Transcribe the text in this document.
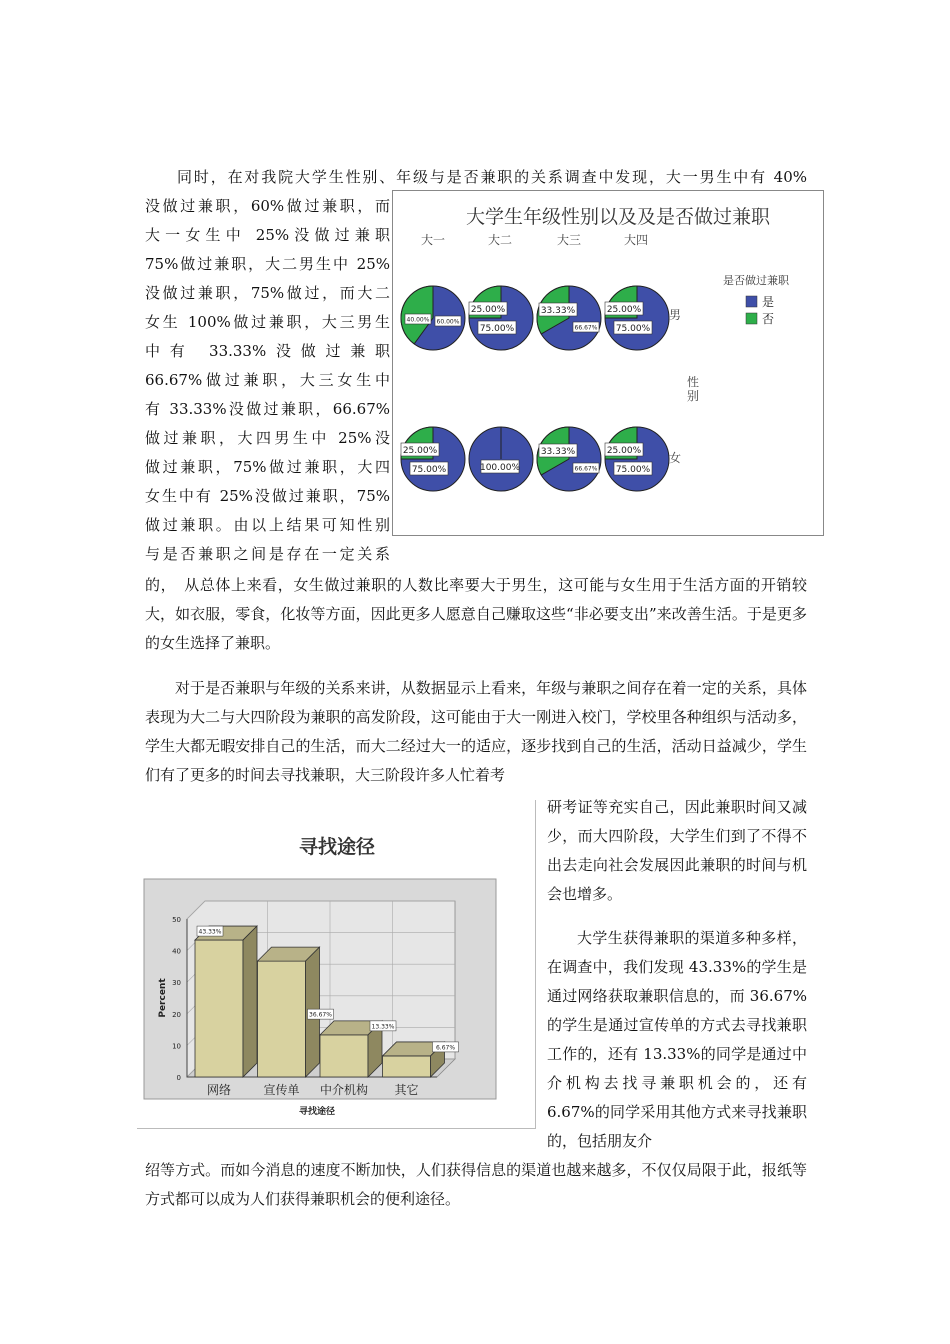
同时，在对我院大学生性别、年级与是否兼职的关系调查中发现，大一男生中有 40%
没做过兼职，60%做过兼职，而
大一女生中 25%没做过兼职
75%做过兼职，大二男生中 25%
没做过兼职，75%做过，而大二
女生 100%做过兼职，大三男生
中有 33.33%没做过兼职
66.67%做过兼职，大三女生中
有 33.33%没做过兼职，66.67%
做过兼职，大四男生中 25%没
做过兼职，75%做过兼职，大四
女生中有 25%没做过兼职，75%
做过兼职。由以上结果可知性别
与是否兼职之间是存在一定关系
大学生年级性别以及及是否做过兼职
大一	大二	大三	大四
男
女
性
别
是否做过兼职
是
否
40.00% 60.00%
25.00%
75.00%
33.33%
66.67%
25.00%
75.00%
25.00%
75.00%	100.00%
33.33%
66.67%
25.00%
75.00%
的，　从总体上来看，女生做过兼职的人数比率要大于男生，这可能与女生用于生活方面的开销较大，如衣服，零食，化妆等方面，因此更多人愿意自己赚取这些“非必要支出”来改善生活。于是更多的女生选择了兼职。
对于是否兼职与年级的关系来讲，从数据显示上看来，年级与兼职之间存在着一定的关系，具体表现为大二与大四阶段为兼职的高发阶段，这可能由于大一刚进入校门，学校里各种组织与活动多，学生大都无暇安排自己的生活，而大二经过大一的适应，逐步找到自己的生活，活动日益减少，学生们有了更多的时间去寻找兼职，大三阶段许多人忙着考
研考证等充实自己，因此兼职时间又减少，而大四阶段，大学生们到了不得不出去走向社会发展因此兼职的时间与机会也增多。
大学生获得兼职的渠道多种多样，在调查中，我们发现 43.33%的学生是通过网络获取兼职信息的，而 36.67%的学生是通过宣传单的方式去寻找兼职工作的，还有 13.33%的同学是通过中介机构去找寻兼职机会的，还有 6.67%的同学采用其他方式来寻找兼职的，包括朋友介
绍等方式。而如今消息的速度不断加快，人们获得信息的渠道也越来越多，不仅仅局限于此，报纸等方式都可以成为人们获得兼职机会的便利途径。
寻找途径
0
10
20
30
40
50
Percent
43.33%
网络
36.67%
宣传单
13.33%
中介机构
6.67%
其它
寻找途径
